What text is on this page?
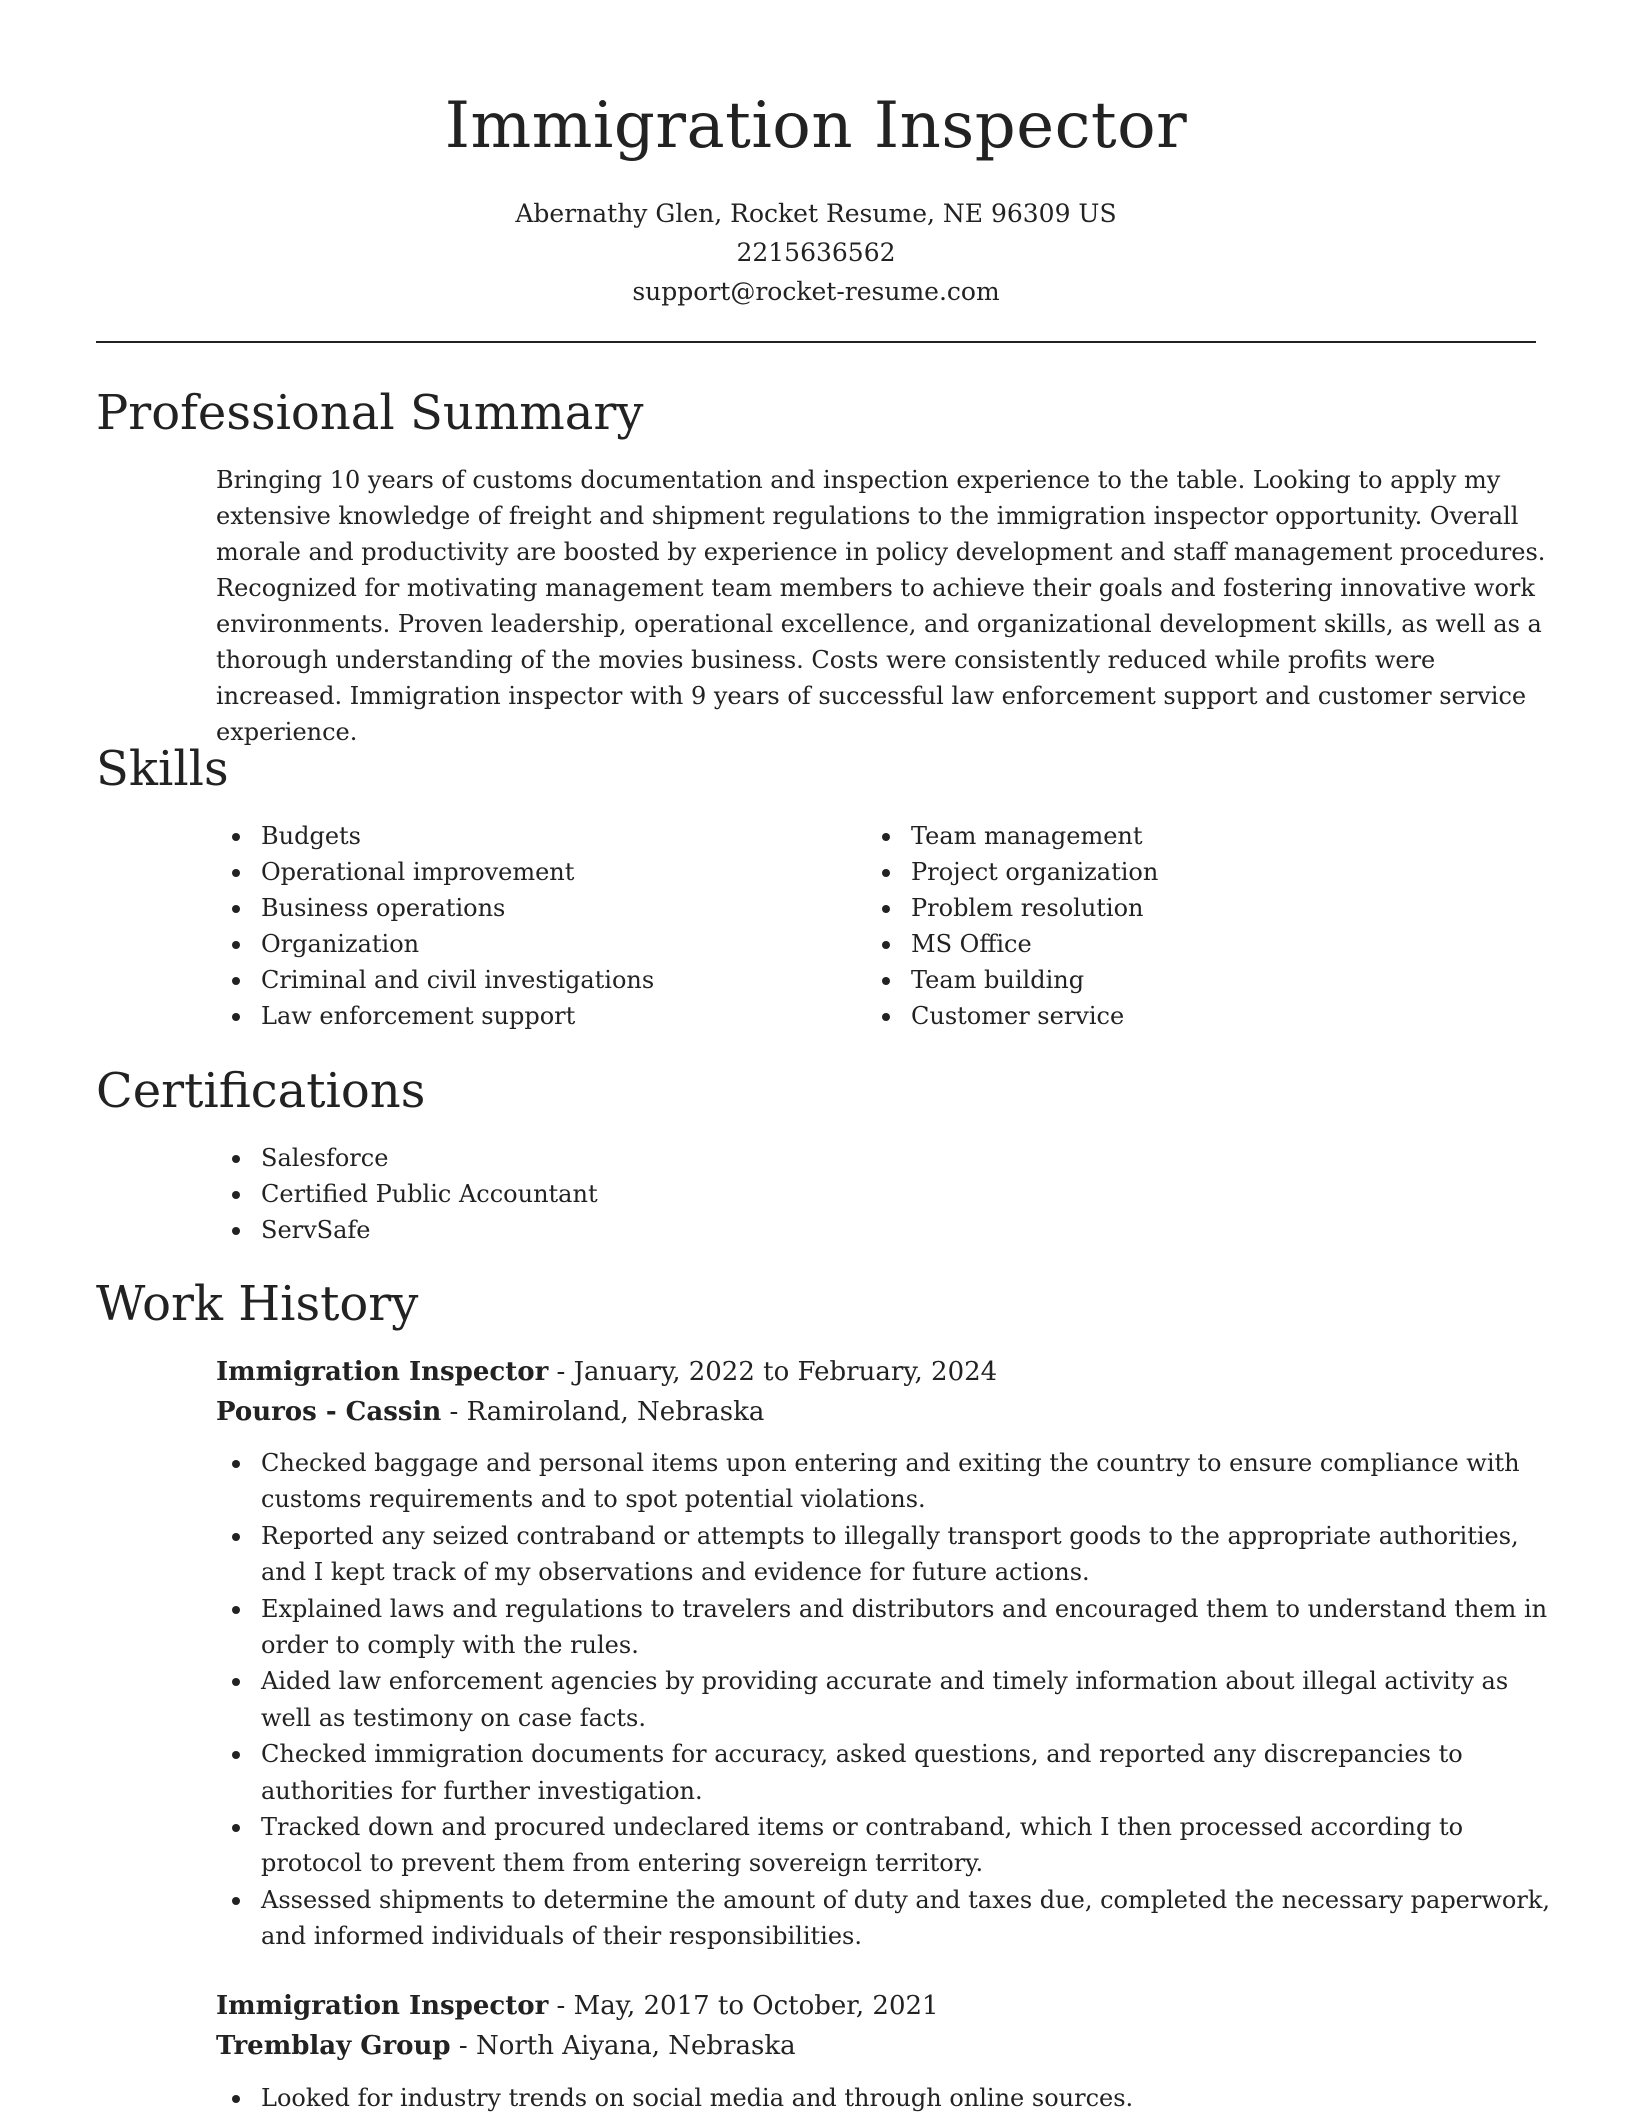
Immigration Inspector
Abernathy Glen, Rocket Resume, NE 96309 US
2215636562
support@rocket-resume.com
Professional Summary

Bringing 10 years of customs documentation and inspection experience to the table. Looking to apply my extensive knowledge of freight and shipment regulations to the immigration inspector opportunity. Overall morale and productivity are boosted by experience in policy development and staff management procedures. Recognized for motivating management team members to achieve their goals and fostering innovative work environments. Proven leadership, operational excellence, and organizational development skills, as well as a thorough understanding of the movies business. Costs were consistently reduced while profits were increased. Immigration inspector with 9 years of successful law enforcement support and customer service experience.

Skills
Budgets
Operational improvement
Business operations
Organization
Criminal and civil investigations
Law enforcement support
Team management
Project organization
Problem resolution
MS Office
Team building
Customer service
Certifications
Salesforce
Certified Public Accountant
ServSafe
Work History
Immigration Inspector - January, 2022 to February, 2024
Pouros - Cassin - Ramiroland, Nebraska
Checked baggage and personal items upon entering and exiting the country to ensure compliance with customs requirements and to spot potential violations.
Reported any seized contraband or attempts to illegally transport goods to the appropriate authorities, and I kept track of my observations and evidence for future actions.
Explained laws and regulations to travelers and distributors and encouraged them to understand them in order to comply with the rules.
Aided law enforcement agencies by providing accurate and timely information about illegal activity as well as testimony on case facts.
Checked immigration documents for accuracy, asked questions, and reported any discrepancies to authorities for further investigation.
Tracked down and procured undeclared items or contraband, which I then processed according to protocol to prevent them from entering sovereign territory.
Assessed shipments to determine the amount of duty and taxes due, completed the necessary paperwork, and informed individuals of their responsibilities.
Immigration Inspector - May, 2017 to October, 2021
Tremblay Group - North Aiyana, Nebraska
Looked for industry trends on social media and through online sources.
